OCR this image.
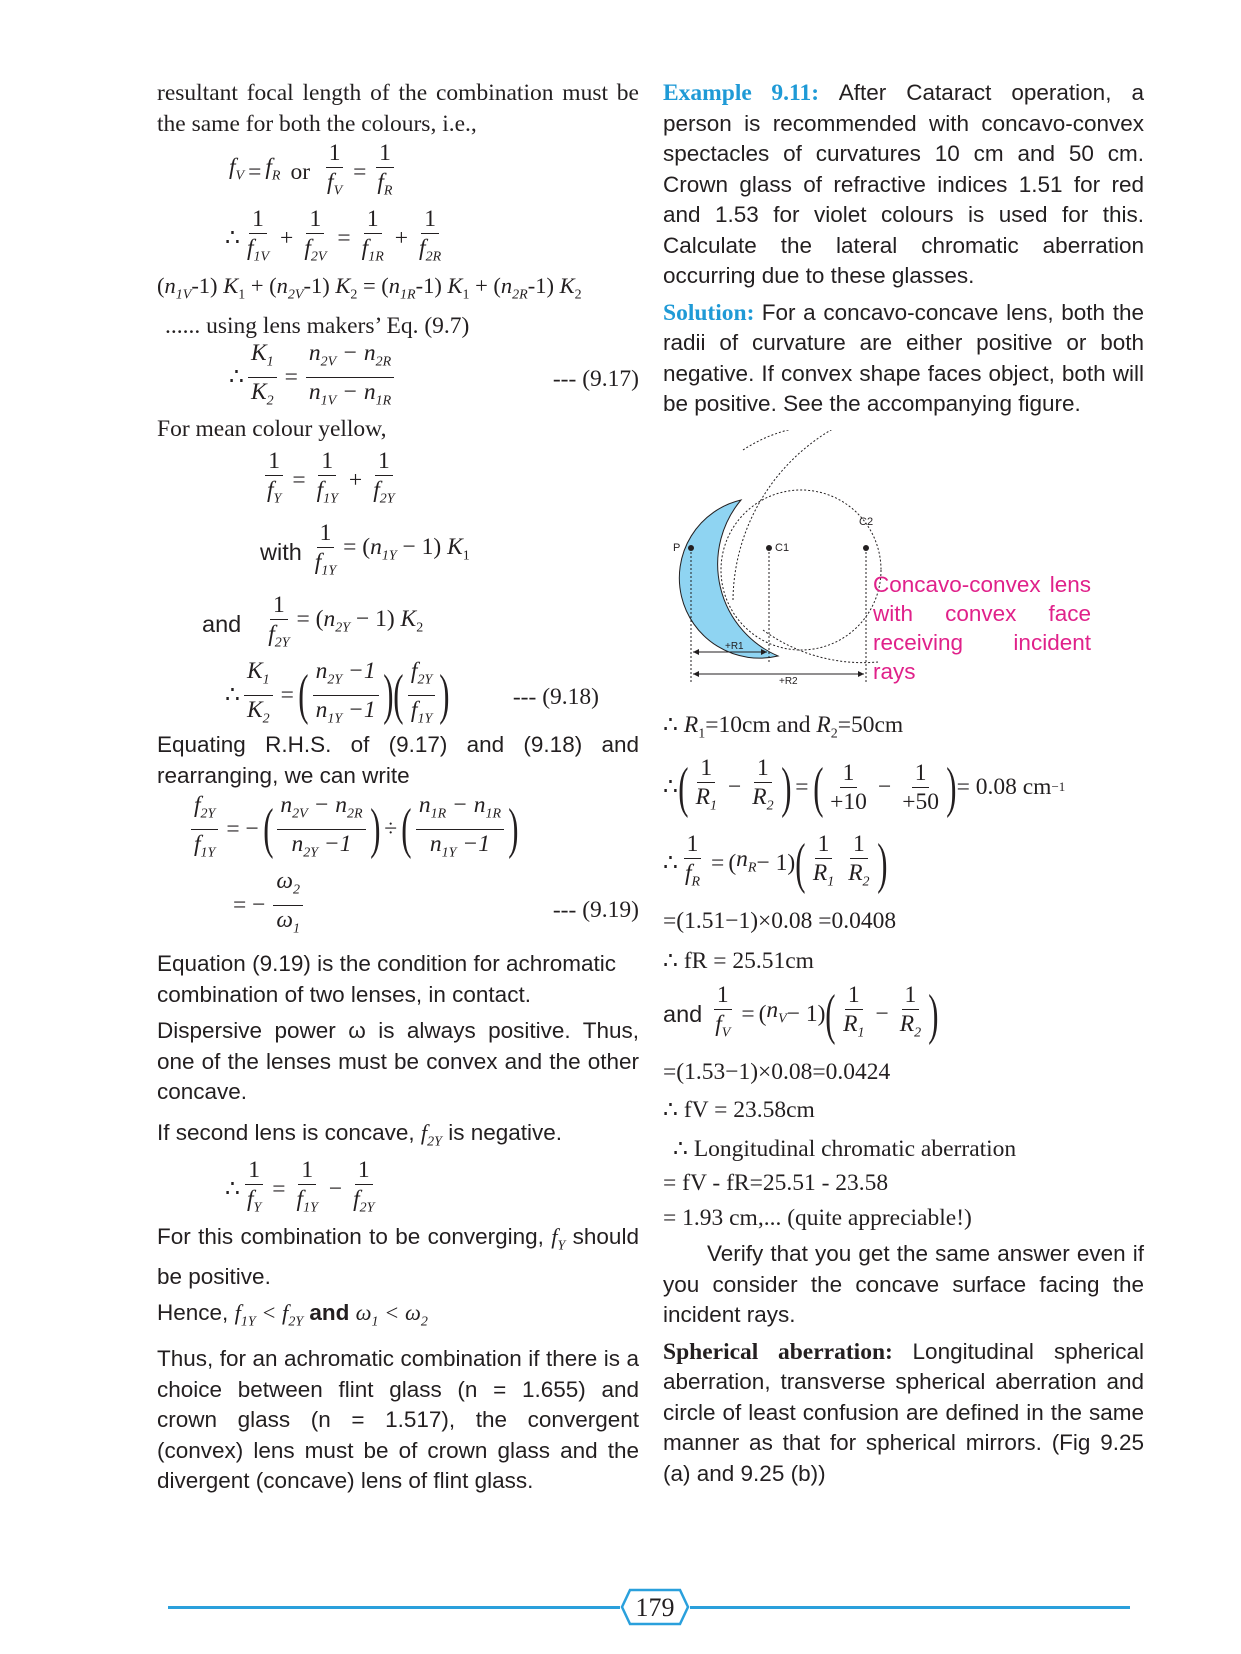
resultant focal length of the combination must be the same for both the colours, i.e.,

$f_V = f_R$ or $\frac{1}{f_V} = \frac{1}{f_R}$
∴ $\frac{1}{f_{1V}} + \frac{1}{f_{2V}} = \frac{1}{f_{1R}} + \frac{1}{f_{2R}}$
$(n_{1V}-1) K_1 + (n_{2V}-1) K_2 = (n_{1R}-1) K_1 + (n_{2R}-1)$ $K_2$
...... using lens makers’ Eq. (9.7)
∴ $\frac{K_1}{K_2} = \frac{n_{2V} - n_{2R}}{n_{1V} - n_{1R}}$	--- (9.17)

For mean colour yellow,

$\frac{1}{f_Y} = \frac{1}{f_{1Y}} + \frac{1}{f_{2Y}}$
with $\frac{1}{f_{1Y}} = (n_{1Y} - 1)$ $K_1$
and $\frac{1}{f_{2Y}} = (n_{2Y} - 1)$ $K_2$
∴ $\frac{K_1}{K_2}$ = ( $\frac{n_{2Y} -1}{n_{1Y} -1}$ ) ( $\frac{f_{2Y}}{f_{1Y}}$ )	--- (9.18)

Equating R.H.S. of (9.17) and (9.18) and rearranging, we can write

$\frac{f_{2Y}}{f_{1Y}}$ = − ( $\frac{n_{2V} - n_{2R}}{n_{2Y} -1}$ ) ÷ ( $\frac{n_{1R} - n_{1R}}{n_{1Y} -1}$ )
= − $\frac{\omega_2}{\omega_1}$	--- (9.19)

Equation (9.19) is the condition for achromatic combination of two lenses, in contact.

Dispersive power ω is always positive. Thus, one of the lenses must be convex and the other concave.

If second lens is concave, $f_{2Y}$ is negative.

∴ $\frac{1}{f_Y} = \frac{1}{f_{1Y}} - \frac{1}{f_{2Y}}$

For this combination to be converging, $f_Y$ should be positive.

Hence, $f_{1Y} < f_{2Y}$ and $\omega_1 < \omega_2$

Thus, for an achromatic combination if there is a choice between flint glass (n = 1.655) and crown glass (n = 1.517), the convergent (convex) lens must be of crown glass and the divergent (concave) lens of flint glass.

Example 9.11: After Cataract operation, a person is recommended with concavo-convex spectacles of curvatures 10 cm and 50 cm. Crown glass of refractive indices 1.51 for red and 1.53 for violet colours is used for this. Calculate the lateral chromatic aberration occurring due to these glasses.

Solution: For a concavo-concave lens, both the radii of curvature are either positive or both negative. If convex shape faces object, both will be positive. See the accompanying figure.

P	C1
C2
+R1
+R2
Concavo-convex lens with convex face receiving incident rays
∴ $R_1=10cm$ and $R_2=50cm$
∴ ( $\frac{1}{R_1} - \frac{1}{R_2}$ ) = ( $\frac{1}{+10} - \frac{1}{+50}$ ) = 0.08 cm −1
∴ $\frac{1}{f_R}$ = ( $n_R - 1$) ( $\frac{1}{R_1} \frac{1}{R_2}$ )
=(1.51−1)×0.08 =0.0408
∴ fR = 25.51cm
and $\frac{1}{f_V}$ = ( $n_V - 1$) ( $\frac{1}{R_1} - \frac{1}{R_2}$ )
=(1.53−1)×0.08=0.0424
∴ fV = 23.58cm
∴ Longitudinal chromatic aberration
= fV - fR=25.51 - 23.58
= 1.93 cm,... (quite appreciable!)

Verify that you get the same answer even if you consider the concave surface facing the incident rays.

Spherical aberration: Longitudinal spherical aberration, transverse spherical aberration and circle of least confusion are defined in the same manner as that for spherical mirrors. (Fig 9.25 (a) and 9.25 (b))

179
